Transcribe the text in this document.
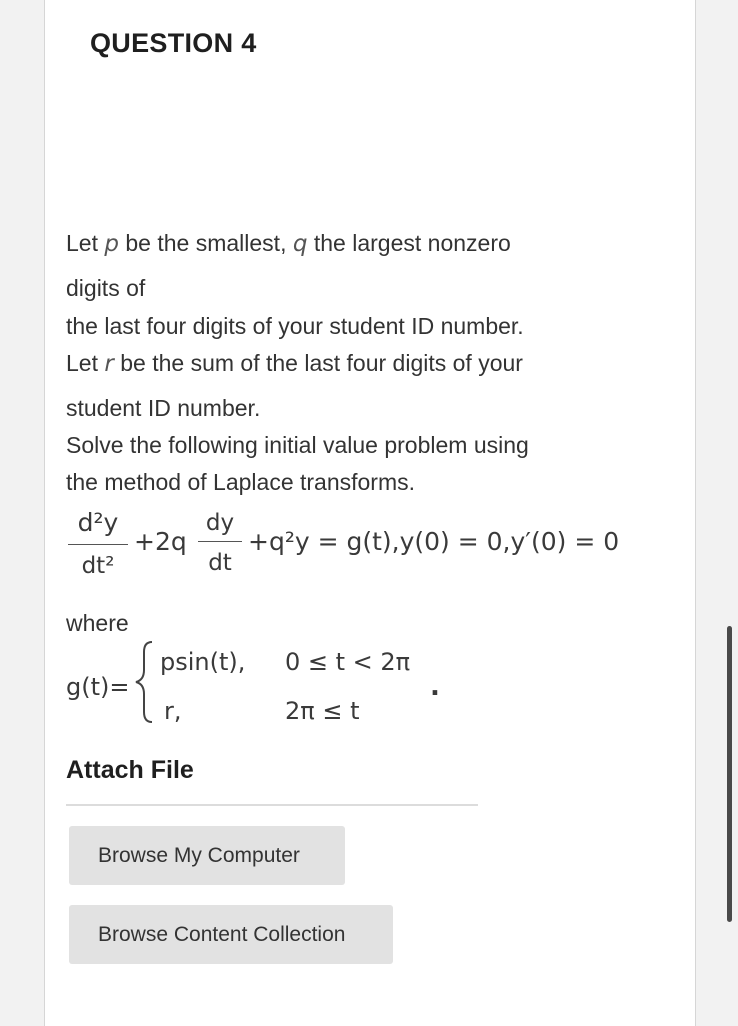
QUESTION 4
Let p be the smallest, q the largest nonzero
digits of
the last four digits of your student ID number.
Let r be the sum of the last four digits of your
student ID number.
Solve the following initial value problem using
the method of Laplace transforms.
d²y
dt²
+2q
dy
dt
+q²y = g(t),y(0) = 0,y′(0) = 0
where
g(t)=
psin(t), 0 ≤ t < 2π
r,	2π ≤ t
.
Attach File
Browse My Computer
Browse Content Collection
